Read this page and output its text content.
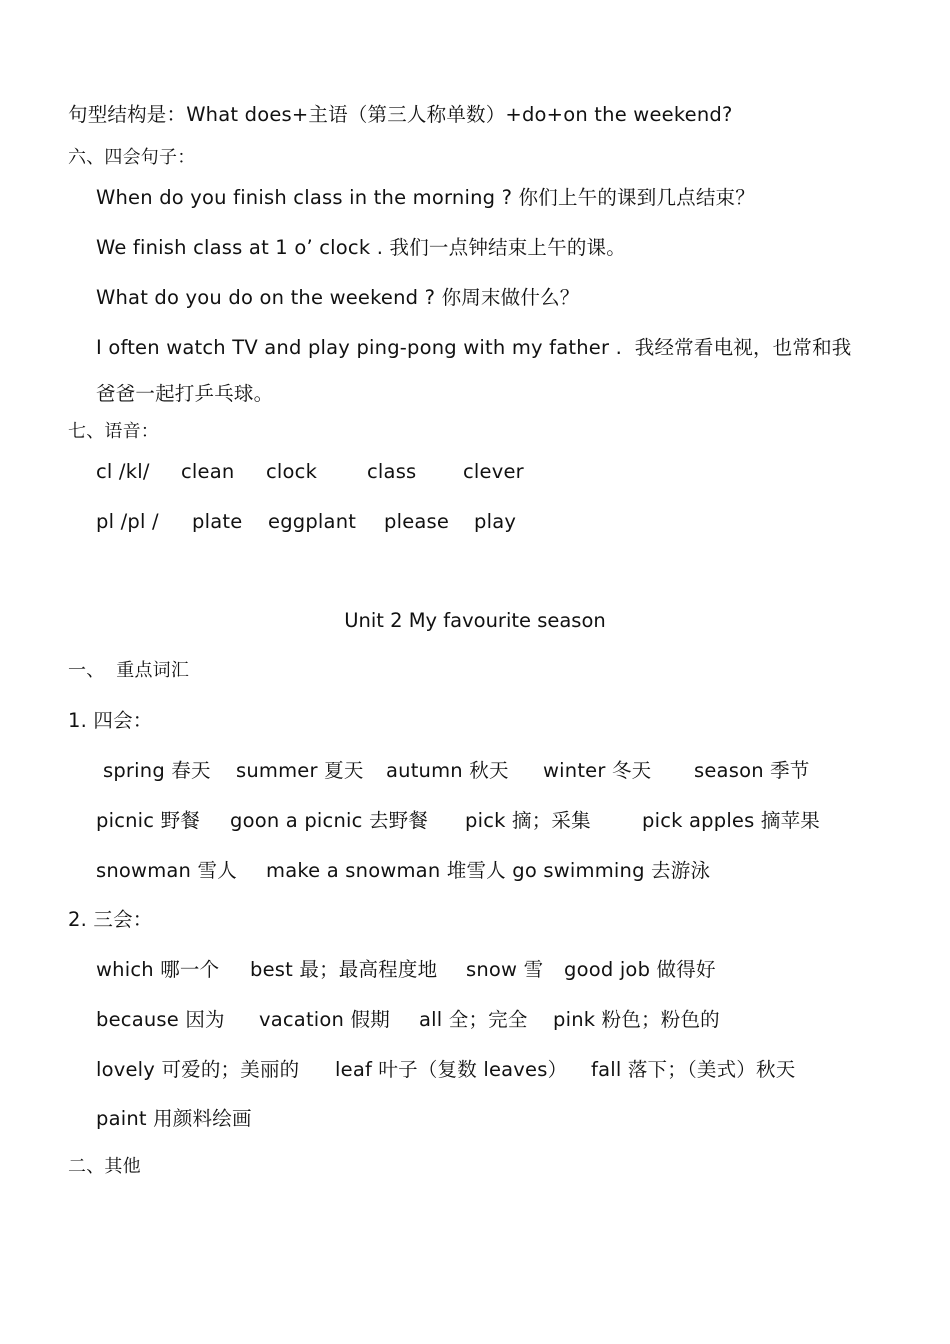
句型结构是：What does+主语（第三人称单数）+do+on the weekend?
六、四会句子：
When do you finish class in the morning ? 你们上午的课到几点结束？
We finish class at 1 o’ clock . 我们一点钟结束上午的课。
What do you do on the weekend ? 你周末做什么？
I often watch TV and play ping-pong with my father .  我经常看电视，也常和我
爸爸一起打乒乓球。
七、语音：
cl /kl/ clean clock	class clever
pl /pl / plate eggplant please play
Unit 2 My favourite season
一、  重点词汇
1. 四会：
spring 春天 summer 夏天 autumn 秋天 winter 冬天 season 季节
picnic 野餐 goon a picnic 去野餐 pick 摘；采集	pick apples 摘苹果
snowman 雪人 make a snowman 堆雪人 go swimming 去游泳
2. 三会：
which 哪一个 best 最；最高程度地 snow 雪 good job 做得好
because 因为 vacation 假期 all 全；完全 pink 粉色；粉色的
lovely 可爱的；美丽的 leaf 叶子（复数 leaves） fall 落下；（美式）秋天
paint 用颜料绘画
二、其他
